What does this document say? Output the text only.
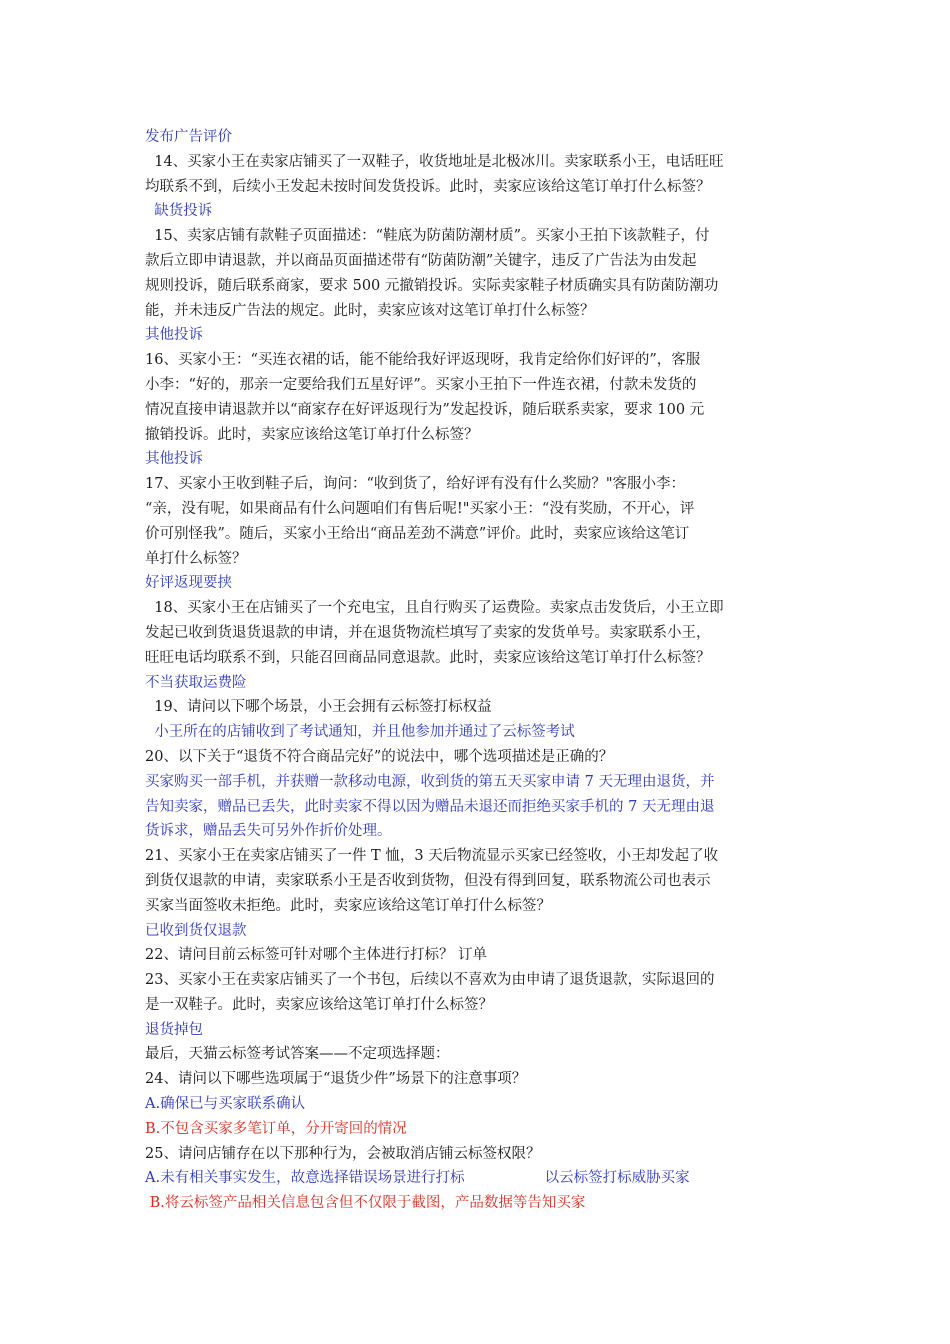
发布广告评价
14、买家小王在卖家店铺买了一双鞋子，收货地址是北极冰川。卖家联系小王，电话旺旺
均联系不到，后续小王发起未按时间发货投诉。此时，卖家应该给这笔订单打什么标签？
缺货投诉
15、卖家店铺有款鞋子页面描述：“鞋底为防菌防潮材质”。买家小王拍下该款鞋子，付
款后立即申请退款，并以商品页面描述带有“防菌防潮”关键字，违反了广告法为由发起
规则投诉，随后联系商家，要求 500 元撤销投诉。实际卖家鞋子材质确实具有防菌防潮功
能，并未违反广告法的规定。此时，卖家应该对这笔订单打什么标签？
其他投诉
16、买家小王：“买连衣裙的话，能不能给我好评返现呀，我肯定给你们好评的”，客服
小李：“好的，那亲一定要给我们五星好评”。买家小王拍下一件连衣裙，付款未发货的
情况直接申请退款并以“商家存在好评返现行为”发起投诉，随后联系卖家，要求 100 元
撤销投诉。此时，卖家应该给这笔订单打什么标签？
其他投诉
17、买家小王收到鞋子后，询问：“收到货了，给好评有没有什么奖励？"客服小李：
“亲，没有呢，如果商品有什么问题咱们有售后呢!"买家小王：“没有奖励，不开心，评
价可别怪我”。随后，买家小王给出“商品差劲不满意”评价。此时，卖家应该给这笔订
单打什么标签？
好评返现要挟
18、买家小王在店铺买了一个充电宝，且自行购买了运费险。卖家点击发货后，小王立即
发起已收到货退货退款的申请，并在退货物流栏填写了卖家的发货单号。卖家联系小王，
旺旺电话均联系不到，只能召回商品同意退款。此时，卖家应该给这笔订单打什么标签？
不当获取运费险
19、请问以下哪个场景，小王会拥有云标签打标权益
小王所在的店铺收到了考试通知，并且他参加并通过了云标签考试
20、以下关于“退货不符合商品完好”的说法中，哪个选项描述是正确的？
买家购买一部手机，并获赠一款移动电源，收到货的第五天买家申请 7 天无理由退货，并
告知卖家，赠品已丢失，此时卖家不得以因为赠品未退还而拒绝买家手机的 7 天无理由退
货诉求，赠品丢失可另外作折价处理。
21、买家小王在卖家店铺买了一件 T 恤，3 天后物流显示买家已经签收，小王却发起了收
到货仅退款的申请，卖家联系小王是否收到货物，但没有得到回复，联系物流公司也表示
买家当面签收未拒绝。此时，卖家应该给这笔订单打什么标签？
已收到货仅退款
22、请问目前云标签可针对哪个主体进行打标？ 订单
23、买家小王在卖家店铺买了一个书包，后续以不喜欢为由申请了退货退款，实际退回的
是一双鞋子。此时，卖家应该给这笔订单打什么标签？
退货掉包
最后，天猫云标签考试答案——不定项选择题：
24、请问以下哪些选项属于“退货少件”场景下的注意事项？
A.确保已与买家联系确认
B.不包含买家多笔订单，分开寄回的情况
25、请问店铺存在以下那种行为，会被取消店铺云标签权限？
A.未有相关事实发生，故意选择错误场景进行打标	以云标签打标威胁买家
B.将云标签产品相关信息包含但不仅限于截图，产品数据等告知买家
